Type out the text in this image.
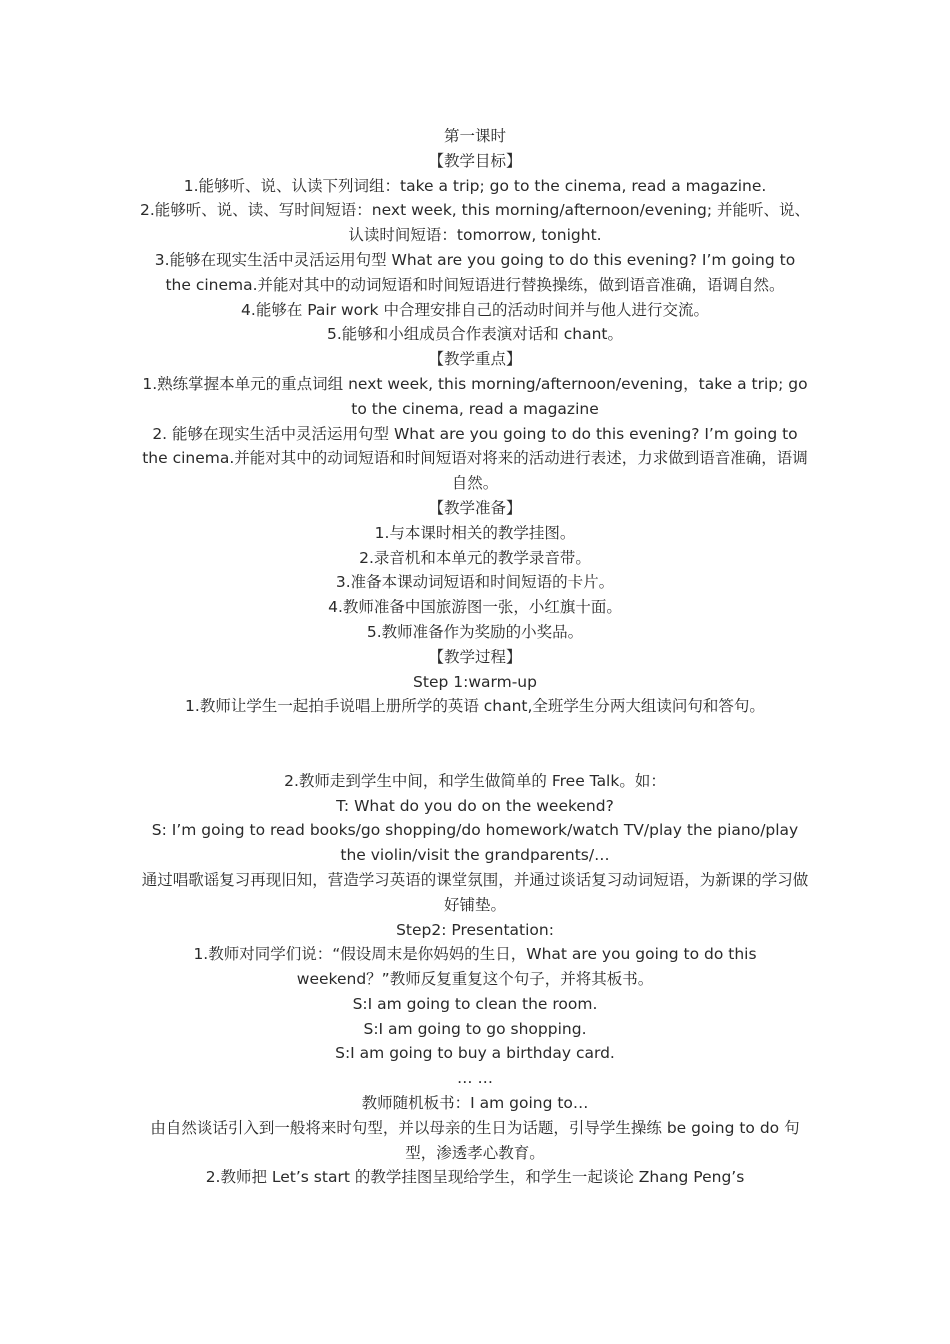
第一课时

【教学目标】

1.能够听、说、认读下列词组：take a trip; go to the cinema, read a magazine.

2.能够听、说、读、写时间短语：next week, this morning/afternoon/evening; 并能听、说、认读时间短语：tomorrow, tonight.

3.能够在现实生活中灵活运用句型 What are you going to do this evening? I’m going to the cinema.并能对其中的动词短语和时间短语进行替换操练，做到语音准确，语调自然。

4.能够在 Pair work 中合理安排自己的活动时间并与他人进行交流。

5.能够和小组成员合作表演对话和 chant。

【教学重点】

1.熟练掌握本单元的重点词组 next week, this morning/afternoon/evening，take a trip; go to the cinema, read a magazine

2. 能够在现实生活中灵活运用句型 What are you going to do this evening? I’m going to the cinema.并能对其中的动词短语和时间短语对将来的活动进行表述，力求做到语音准确，语调自然。

【教学准备】

1.与本课时相关的教学挂图。

2.录音机和本单元的教学录音带。

3.准备本课动词短语和时间短语的卡片。

4.教师准备中国旅游图一张，小红旗十面。

5.教师准备作为奖励的小奖品。

【教学过程】

Step 1:warm-up

1.教师让学生一起拍手说唱上册所学的英语 chant,全班学生分两大组读问句和答句。

2.教师走到学生中间，和学生做简单的 Free Talk。如：

T: What do you do on the weekend?

S: I’m going to read books/go shopping/do homework/watch TV/play the piano/play the violin/visit the grandparents/…

通过唱歌谣复习再现旧知，营造学习英语的课堂氛围，并通过谈话复习动词短语，为新课的学习做好铺垫。

Step2: Presentation:

1.教师对同学们说：“假设周末是你妈妈的生日，What are you going to do this weekend？”教师反复重复这个句子，并将其板书。

S:I am going to clean the room.

S:I am going to go shopping.

S:I am going to buy a birthday card.

… …

教师随机板书：I am going to…

由自然谈话引入到一般将来时句型，并以母亲的生日为话题，引导学生操练 be going to do 句型，渗透孝心教育。

2.教师把 Let’s start 的教学挂图呈现给学生，和学生一起谈论 Zhang Peng’s
